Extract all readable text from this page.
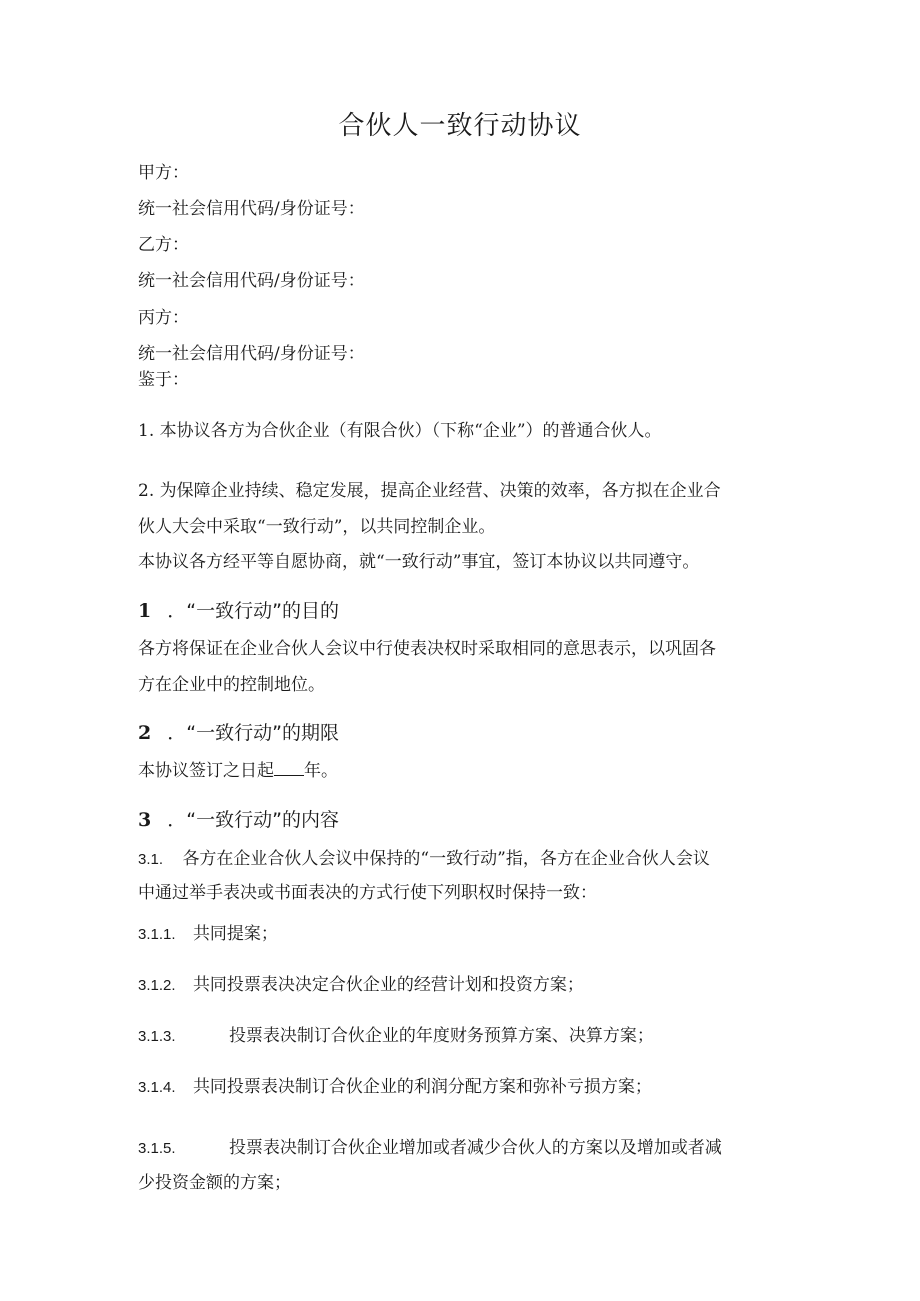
合伙人一致行动协议
甲方：
统一社会信用代码/身份证号：
乙方：
统一社会信用代码/身份证号：
丙方：
统一社会信用代码/身份证号：
鉴于：
1. 本协议各方为合伙企业（有限合伙）（下称“企业”）的普通合伙人。
2. 为保障企业持续、稳定发展，提高企业经营、决策的效率，各方拟在企业合
伙人大会中采取“一致行动”，以共同控制企业。
本协议各方经平等自愿协商，就“一致行动”事宜，签订本协议以共同遵守。
1 ．“一致行动”的目的
各方将保证在企业合伙人会议中行使表决权时采取相同的意思表示，以巩固各
方在企业中的控制地位。
2 ．“一致行动”的期限
本协议签订之日起 年。
3 ．“一致行动”的内容
3.1. 各方在企业合伙人会议中保持的“一致行动”指，各方在企业合伙人会议
中通过举手表决或书面表决的方式行使下列职权时保持一致：
3.1.1. 共同提案；
3.1.2. 共同投票表决决定合伙企业的经营计划和投资方案；
3.1.3.	投票表决制订合伙企业的年度财务预算方案、决算方案；
3.1.4. 共同投票表决制订合伙企业的利润分配方案和弥补亏损方案；
3.1.5.	投票表决制订合伙企业增加或者减少合伙人的方案以及增加或者减
少投资金额的方案；
